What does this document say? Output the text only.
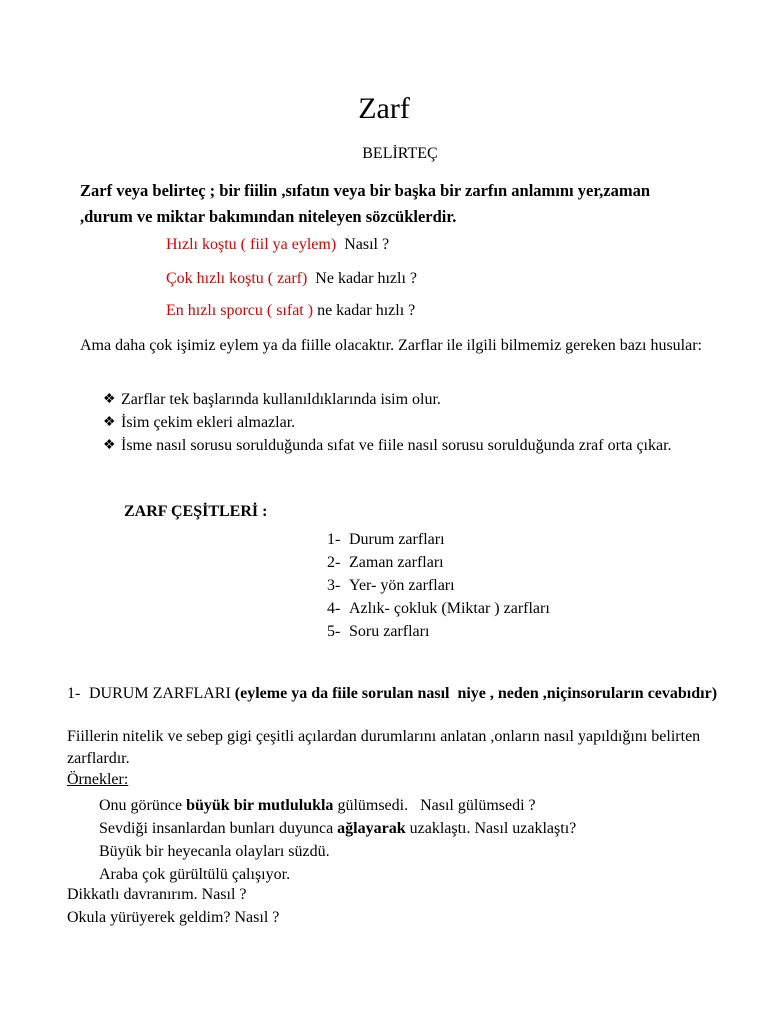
Zarf
BELİRTEÇ
Zarf veya belirteç ; bir fiilin ,sıfatın veya bir başka bir zarfın anlamını yer,zaman ,durum ve miktar bakımından niteleyen sözcüklerdir.
Hızlı koştu ( fiil ya eylem)  Nasıl ?
Çok hızlı koştu ( zarf)  Ne kadar hızlı ?
En hızlı sporcu ( sıfat ) ne kadar hızlı ?
Ama daha çok işimiz eylem ya da fiille olacaktır. Zarflar ile ilgili bilmemiz gereken bazı husular:
❖ Zarflar tek başlarında kullanıldıklarında isim olur.
❖ İsim çekim ekleri almazlar.
❖ İsme nasıl sorusu sorulduğunda sıfat ve fiile nasıl sorusu sorulduğunda zraf orta çıkar.
ZARF ÇEŞİTLERİ :
1- Durum zarfları
2- Zaman zarfları
3- Yer- yön zarfları
4- Azlık- çokluk (Miktar ) zarfları
5- Soru zarfları
1- DURUM ZARFLARI (eyleme ya da fiile sorulan nasıl  niye , neden ,niçinsoruların cevabıdır)
Fiillerin nitelik ve sebep gigi çeşitli açılardan durumlarını anlatan ,onların nasıl yapıldığını belirten zarflardır.
Örnekler:
Onu görünce büyük bir mutlulukla gülümsedi.   Nasıl gülümsedi ?
Sevdiği insanlardan bunları duyunca ağlayarak uzaklaştı. Nasıl uzaklaştı?
Büyük bir heyecanla olayları süzdü.
Araba çok gürültülü çalışıyor.
Dikkatlı davranırım. Nasıl ?
Okula yürüyerek geldim? Nasıl ?
